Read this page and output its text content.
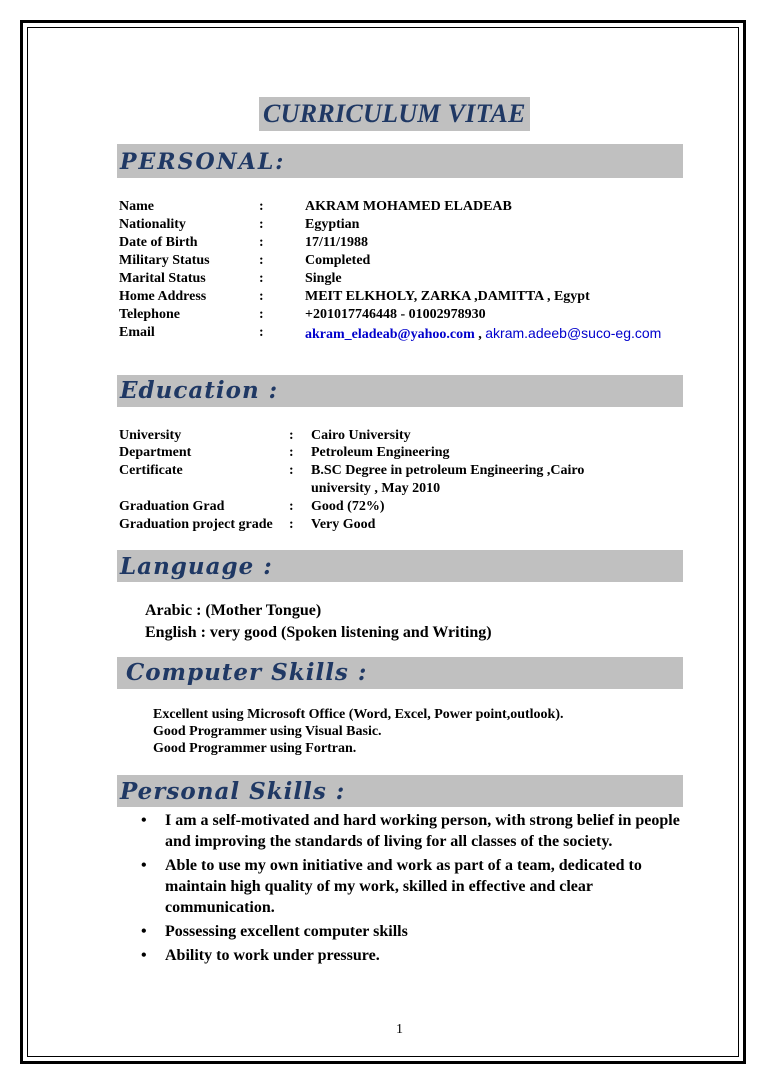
CURRICULUM VITAE
PERSONAL:
Name	:	AKRAM MOHAMED ELADEAB
Nationality	:	Egyptian
Date of Birth	:	17/11/1988
Military Status	:	Completed
Marital Status	:	Single
Home Address	:	MEIT ELKHOLY, ZARKA ,DAMITTA , Egypt
Telephone	:	+201017746448 - 01002978930
Email	:	akram_eladeab@yahoo.com , akram.adeeb@suco-eg.com
Education :
University	: Cairo University
Department	: Petroleum Engineering
Certificate	: B.SC Degree in petroleum Engineering ,Cairo
university , May 2010
Graduation Grad	: Good (72%)
Graduation project grade : Very Good
Language :
Arabic : (Mother Tongue)
English : very good (Spoken listening and Writing)
Computer Skills :
Excellent using Microsoft Office (Word, Excel, Power point,outlook).
Good Programmer using Visual Basic.
Good Programmer using Fortran.
Personal Skills :
• I am a self-motivated and hard working person, with strong belief in people and improving the standards of living for all classes of the society.
• Able to use my own initiative and work as part of a team, dedicated to maintain high quality of my work, skilled in effective and clear communication.
• Possessing excellent computer skills
• Ability to work under pressure.
1
